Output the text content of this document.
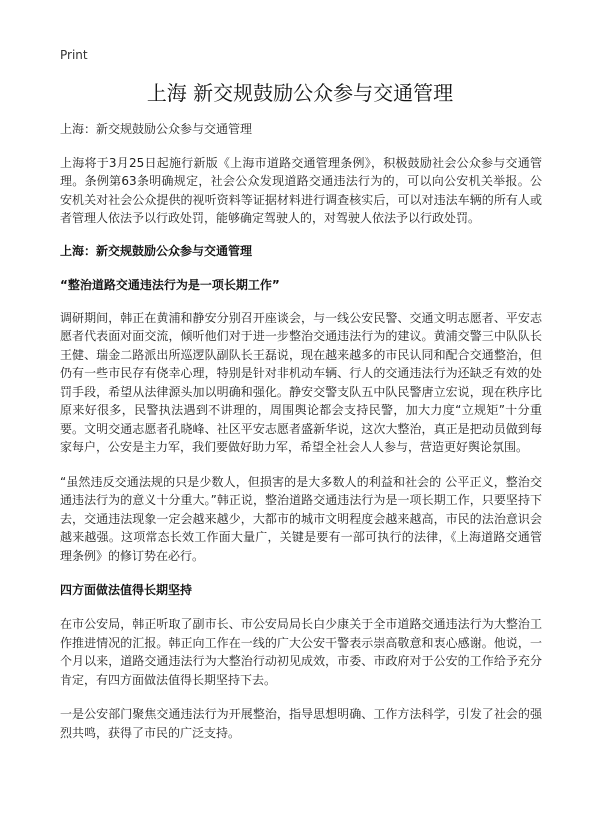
Print
上海 新交规鼓励公众参与交通管理

上海：新交规鼓励公众参与交通管理

上海将于3月25日起施行新版《上海市道路交通管理条例》，积极鼓励社会公众参与交通管理。条例第63条明确规定，社会公众发现道路交通违法行为的，可以向公安机关举报。公安机关对社会公众提供的视听资料等证据材料进行调查核实后，可以对违法车辆的所有人或者管理人依法予以行政处罚，能够确定驾驶人的，对驾驶人依法予以行政处罚。

上海：新交规鼓励公众参与交通管理
“整治道路交通违法行为是一项长期工作”

调研期间，韩正在黄浦和静安分别召开座谈会，与一线公安民警、交通文明志愿者、平安志愿者代表面对面交流，倾听他们对于进一步整治交通违法行为的建议。黄浦交警三中队队长王健、瑞金二路派出所巡逻队副队长王磊说，现在越来越多的市民认同和配合交通整治，但仍有一些市民存有侥幸心理，特别是针对非机动车辆、行人的交通违法行为还缺乏有效的处罚手段，希望从法律源头加以明确和强化。静安交警支队五中队民警唐立宏说，现在秩序比原来好很多，民警执法遇到不讲理的，周围舆论都会支持民警，加大力度“立规矩”十分重要。文明交通志愿者孔晓峰、社区平安志愿者盛新华说，这次大整治，真正是把动员做到每家每户，公安是主力军，我们要做好助力军，希望全社会人人参与，营造更好舆论氛围。

“虽然违反交通法规的只是少数人，但损害的是大多数人的利益和社会的 公平正义，整治交通违法行为的意义十分重大。”韩正说，整治道路交通违法行为是一项长期工作，只要坚持下去，交通违法现象一定会越来越少，大都市的城市文明程度会越来越高，市民的法治意识会越来越强。这项常态长效工作面大量广，关键是要有一部可执行的法律，《上海道路交通管理条例》的修订势在必行。

四方面做法值得长期坚持

在市公安局，韩正听取了副市长、市公安局局长白少康关于全市道路交通违法行为大整治工作推进情况的汇报。韩正向工作在一线的广大公安干警表示崇高敬意和衷心感谢。他说，一个月以来，道路交通违法行为大整治行动初见成效，市委、市政府对于公安的工作给予充分肯定，有四方面做法值得长期坚持下去。

一是公安部门聚焦交通违法行为开展整治，指导思想明确、工作方法科学，引发了社会的强烈共鸣，获得了市民的广泛支持。
